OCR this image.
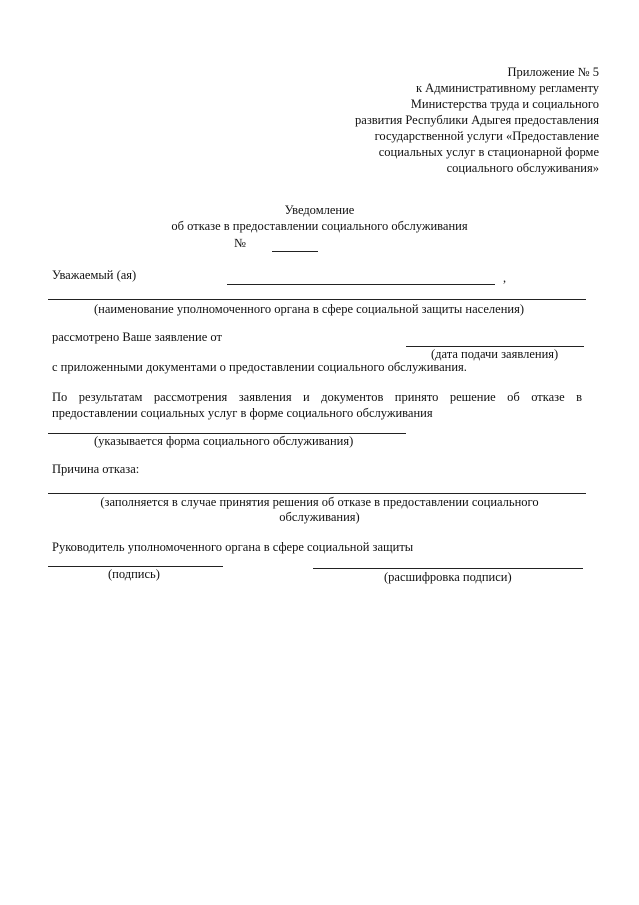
Приложение № 5
к Административному регламенту
Министерства труда и социального
развития Республики Адыгея предоставления
государственной услуги «Предоставление
социальных услуг в стационарной форме
социального обслуживания»
Уведомление
об отказе в предоставлении социального обслуживания
№
Уважаемый (ая)	,
(наименование уполномоченного органа в сфере социальной защиты населения)
рассмотрено Ваше заявление от
(дата подачи заявления)
с приложенными документами о предоставлении социального обслуживания.
По результатам рассмотрения заявления и документов принято решение об отказе в предоставлении социальных услуг в форме социального обслуживания
(указывается форма социального обслуживания)
Причина отказа:
(заполняется в случае принятия решения об отказе в предоставлении социального
обслуживания)
Руководитель уполномоченного органа в сфере социальной защиты
(подпись)	(расшифровка подписи)
